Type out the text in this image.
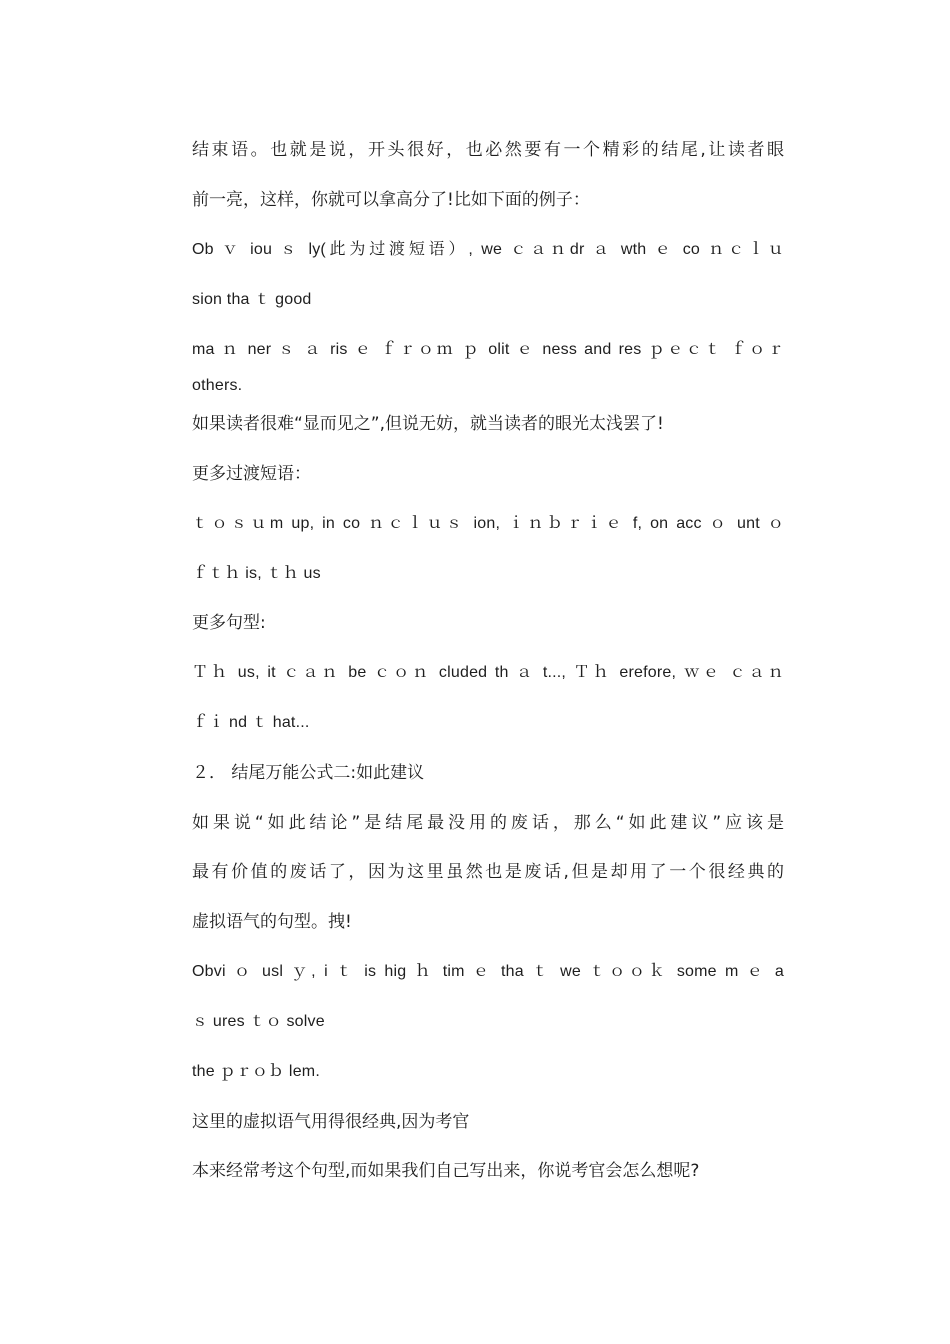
结束语。也就是说，开头很好，也必然要有一个精彩的结尾,让读者眼
前一亮，这样，你就可以拿高分了!比如下面的例子：
Ob ｖ iou ｓ ly(此为过渡短语）, we ｃａｎdr ａ wth ｅ co ｎｃｌｕ
sion tha ｔ good
ma ｎ ner ｓ ａ ris ｅ ｆｒｏｍ ｐ olit ｅ ness and res ｐｅｃｔ ｆｏｒ
others.
如果读者很难“显而见之”,但说无妨，就当读者的眼光太浅罢了!
更多过渡短语：
ｔｏｓｕm up, in co ｎｃｌｕｓ ion, ｉｎｂｒｉｅ f, on acc ｏ unt ｏ
ｆｔｈ is, ｔｈ us
更多句型:
Ｔｈ us, it ｃａｎ be ｃｏｎ cluded th ａ t..., Ｔｈ erefore, ｗｅ ｃａｎ
ｆｉ nd ｔ hat...
２． 结尾万能公式二:如此建议
如果说“如此结论”是结尾最没用的废话，那么“如此建议”应该是
最有价值的废话了，因为这里虽然也是废话,但是却用了一个很经典的
虚拟语气的句型。拽!
Obvi ｏ usl ｙ, i ｔ is hig ｈ tim ｅ tha ｔ we ｔｏｏｋ some m ｅ a
ｓ ures ｔｏ solve
the ｐｒｏｂ lem.
这里的虚拟语气用得很经典,因为考官
本来经常考这个句型,而如果我们自己写出来，你说考官会怎么想呢?
